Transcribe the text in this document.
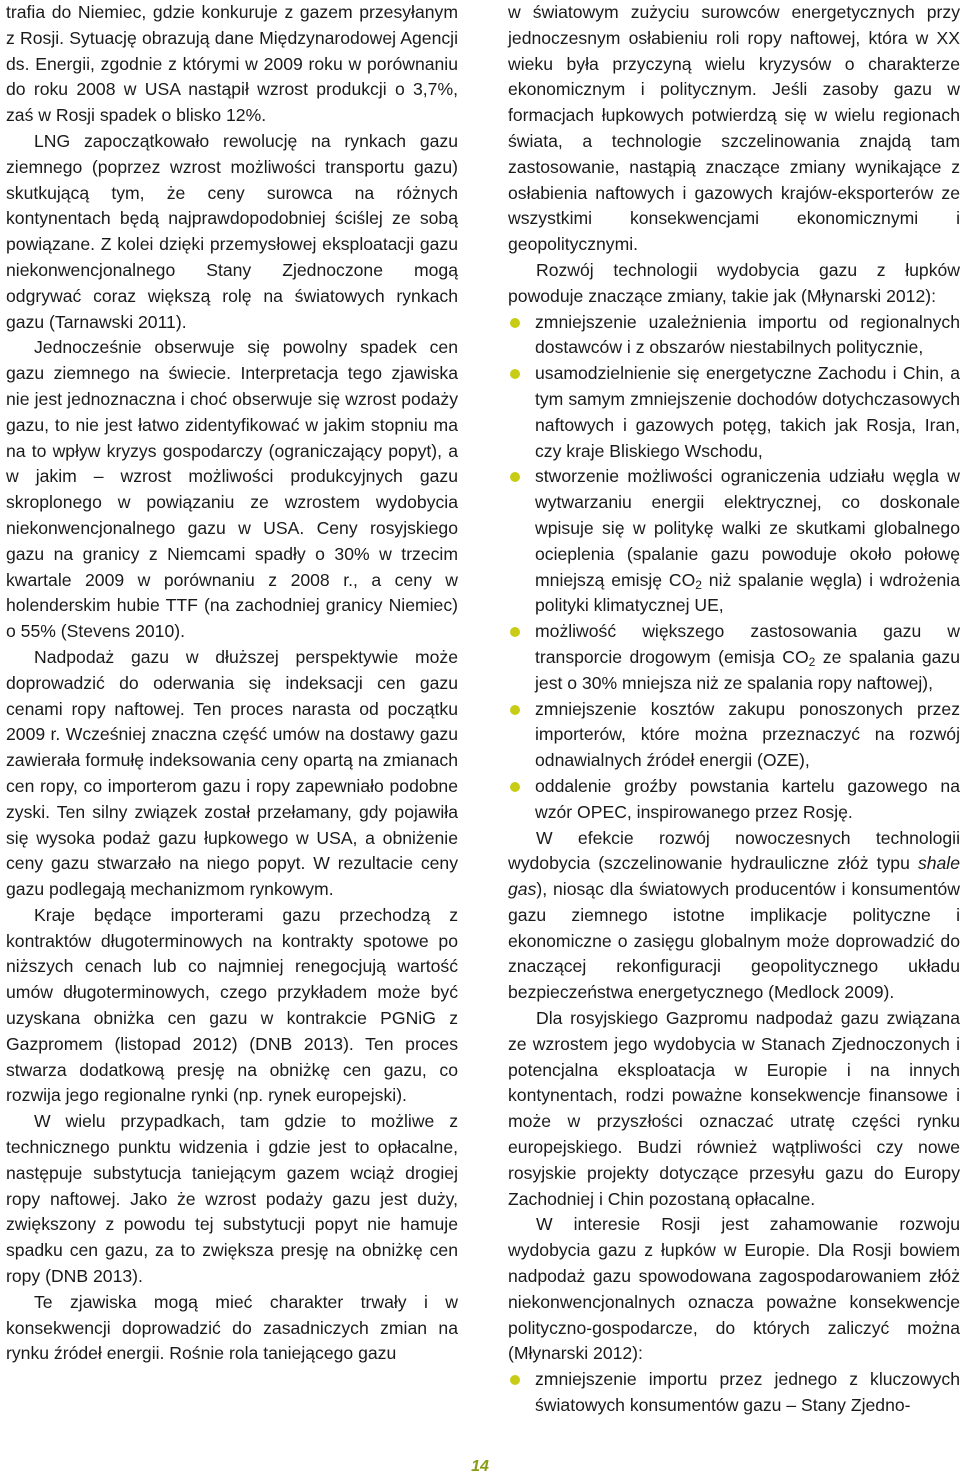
trafia do Niemiec, gdzie konkuruje z gazem przesyłanym z Rosji. Sytuację obrazują dane Międzynarodowej Agencji ds. Energii, zgodnie z którymi w 2009 roku w porównaniu do roku 2008 w USA nastąpił wzrost produkcji o 3,7%, zaś w Rosji spadek o blisko 12%.

LNG zapoczątkowało rewolucję na rynkach gazu ziemnego (poprzez wzrost możliwości transportu gazu) skutkującą tym, że ceny surowca na różnych kontynentach będą najprawdopodobniej ściślej ze sobą powiązane. Z kolei dzięki przemysłowej eksploatacji gazu niekonwencjonalnego Stany Zjednoczone mogą odgrywać coraz większą rolę na światowych rynkach gazu (Tarnawski 2011).

Jednocześnie obserwuje się powolny spadek cen gazu ziemnego na świecie. Interpretacja tego zjawiska nie jest jednoznaczna i choć obserwuje się wzrost podaży gazu, to nie jest łatwo zidentyfikować w jakim stopniu ma na to wpływ kryzys gospodarczy (ograniczający popyt), a w jakim – wzrost możliwości produkcyjnych gazu skroplonego w powiązaniu ze wzrostem wydobycia niekonwencjonalnego gazu w USA. Ceny rosyjskiego gazu na granicy z Niemcami spadły o 30% w trzecim kwartale 2009 w porównaniu z 2008 r., a ceny w holenderskim hubie TTF (na zachodniej granicy Niemiec) o 55% (Stevens 2010).

Nadpodaż gazu w dłuższej perspektywie może doprowadzić do oderwania się indeksacji cen gazu cenami ropy naftowej. Ten proces narasta od początku 2009 r. Wcześniej znaczna część umów na dostawy gazu zawierała formułę indeksowania ceny opartą na zmianach cen ropy, co importerom gazu i ropy zapewniało podobne zyski. Ten silny związek został przełamany, gdy pojawiła się wysoka podaż gazu łupkowego w USA, a obniżenie ceny gazu stwarzało na niego popyt. W rezultacie ceny gazu podlegają mechanizmom rynkowym.

Kraje będące importerami gazu przechodzą z kontraktów długoterminowych na kontrakty spotowe po niższych cenach lub co najmniej renegocjują wartość umów długoterminowych, czego przykładem może być uzyskana obniżka cen gazu w kontrakcie PGNiG z Gazpromem (listopad 2012) (DNB 2013). Ten proces stwarza dodatkową presję na obniżkę cen gazu, co rozwija jego regionalne rynki (np. rynek europejski).

W wielu przypadkach, tam gdzie to możliwe z technicznego punktu widzenia i gdzie jest to opłacalne, następuje substytucja taniejącym gazem wciąż drogiej ropy naftowej. Jako że wzrost podaży gazu jest duży, zwiększony z powodu tej substytucji popyt nie hamuje spadku cen gazu, za to zwiększa presję na obniżkę cen ropy (DNB 2013).

Te zjawiska mogą mieć charakter trwały i w konsekwencji doprowadzić do zasadniczych zmian na rynku źródeł energii. Rośnie rola taniejącego gazu

w światowym zużyciu surowców energetycznych przy jednoczesnym osłabieniu roli ropy naftowej, która w XX wieku była przyczyną wielu kryzysów o charakterze ekonomicznym i politycznym. Jeśli zasoby gazu w formacjach łupkowych potwierdzą się w wielu regionach świata, a technologie szczelinowania znajdą tam zastosowanie, nastąpią znaczące zmiany wynikające z osłabienia naftowych i gazowych krajów-eksporterów ze wszystkimi konsekwencjami ekonomicznymi i geopolitycznymi.

Rozwój technologii wydobycia gazu z łupków powoduje znaczące zmiany, takie jak (Młynarski 2012):

zmniejszenie uzależnienia importu od regionalnych dostawców i z obszarów niestabilnych politycznie,
usamodzielnienie się energetyczne Zachodu i Chin, a tym samym zmniejszenie dochodów dotychczasowych naftowych i gazowych potęg, takich jak Rosja, Iran, czy kraje Bliskiego Wschodu,
stworzenie możliwości ograniczenia udziału węgla w wytwarzaniu energii elektrycznej, co doskonale wpisuje się w politykę walki ze skutkami globalnego ocieplenia (spalanie gazu powoduje około połowę mniejszą emisję $CO_2$ niż spalanie węgla) i wdrożenia polityki klimatycznej UE,
możliwość większego zastosowania gazu w transporcie drogowym (emisja $CO_2$ ze spalania gazu jest o 30% mniejsza niż ze spalania ropy naftowej),
zmniejszenie kosztów zakupu ponoszonych przez importerów, które można przeznaczyć na rozwój odnawialnych źródeł energii (OZE),
oddalenie groźby powstania kartelu gazowego na wzór OPEC, inspirowanego przez Rosję.

W efekcie rozwój nowoczesnych technologii wydobycia (szczelinowanie hydrauliczne złóż typu shale gas), niosąc dla światowych producentów i konsumentów gazu ziemnego istotne implikacje polityczne i ekonomiczne o zasięgu globalnym może doprowadzić do znaczącej rekonfiguracji geopolitycznego układu bezpieczeństwa energetycznego (Medlock 2009).

Dla rosyjskiego Gazpromu nadpodaż gazu związana ze wzrostem jego wydobycia w Stanach Zjednoczonych i potencjalna eksploatacja w Europie i na innych kontynentach, rodzi poważne konsekwencje finansowe i może w przyszłości oznaczać utratę części rynku europejskiego. Budzi również wątpliwości czy nowe rosyjskie projekty dotyczące przesyłu gazu do Europy Zachodniej i Chin pozostaną opłacalne.

W interesie Rosji jest zahamowanie rozwoju wydobycia gazu z łupków w Europie. Dla Rosji bowiem nadpodaż gazu spowodowana zagospodarowaniem złóż niekonwencjonalnych oznacza poważne konsekwencje polityczno-gospodarcze, do których zaliczyć można (Młynarski 2012):

zmniejszenie importu przez jednego z kluczowych światowych konsumentów gazu – Stany Zjedno-
14
